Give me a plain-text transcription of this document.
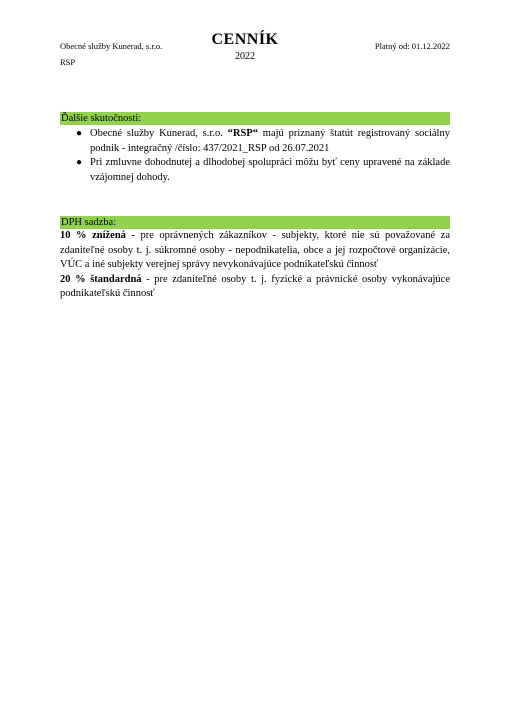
Obecné služby Kunerad, s.r.o.
RSP
CENNÍK
2022
Platný od: 01.12.2022
Ďalšie skutočnosti:
● Obecné služby Kunerad, s.r.o. “RSP“ majú priznaný štatút registrovaný sociálny podnik - integračný /číslo: 437/2021_RSP od 26.07.2021
● Pri zmluvne dohodnutej a dlhodobej spolupráci môžu byť ceny upravené na základe vzájomnej dohody.
DPH sadzba:
10 % znížená - pre oprávnených zákazníkov - subjekty, ktoré nie sú považované za zdaniteľné osoby t. j. súkromné osoby - nepodnikatelia, obce a jej rozpočtové organizácie, VÚC a iné subjekty verejnej správy nevykonávajúce podnikateľskú činnosť
20 % štandardná - pre zdaniteľné osoby t. j. fyzické a právnické osoby vykonávajúce podnikateľskú činnosť
